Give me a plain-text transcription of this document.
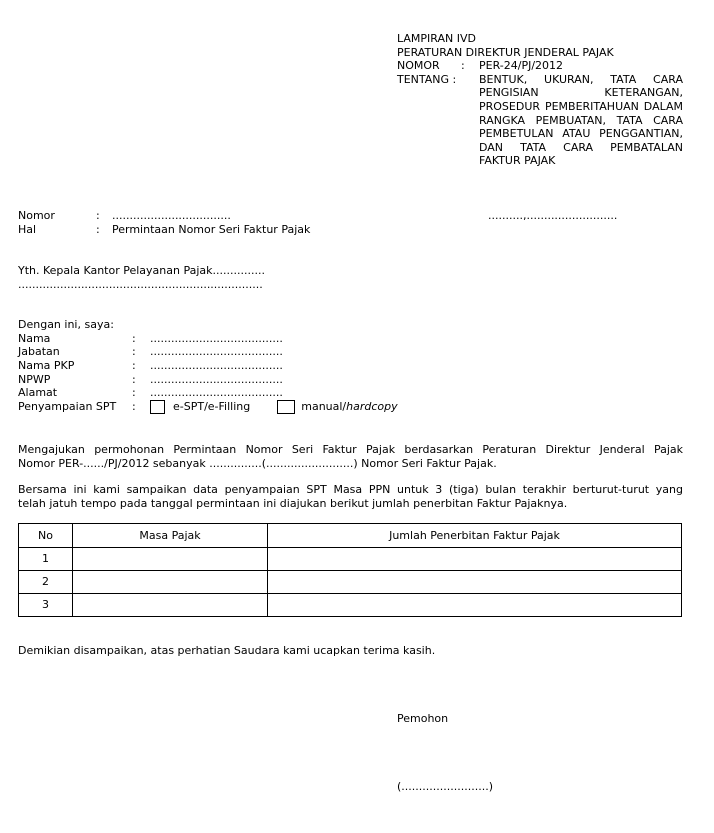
LAMPIRAN IVD
PERATURAN DIREKTUR JENDERAL PAJAK
NOMOR	:	PER-24/PJ/2012
TENTANG :	BENTUK, UKURAN, TATA CARA PENGISIAN KETERANGAN, PROSEDUR PEMBERITAHUAN DALAM RANGKA PEMBUATAN, TATA CARA PEMBETULAN ATAU PENGGANTIAN, DAN TATA CARA PEMBATALAN FAKTUR PAJAK
Nomor	: ..................................	..........,..........................
Hal	: Permintaan Nomor Seri Faktur Pajak
Yth. Kepala Kantor Pelayanan Pajak...............
......................................................................
Dengan ini, saya:
Nama	: ......................................
Jabatan	: ......................................
Nama PKP	: ......................................
NPWP	: ......................................
Alamat	: ......................................
Penyampaian SPT :	e-SPT/e-Filling	manual/hardcopy
Mengajukan permohonan Permintaan Nomor Seri Faktur Pajak berdasarkan Peraturan Direktur Jenderal Pajak
Nomor PER-....../PJ/2012 sebanyak ...............(.........................) Nomor Seri Faktur Pajak.
Bersama ini kami sampaikan data penyampaian SPT Masa PPN untuk 3 (tiga) bulan terakhir berturut-turut yang
telah jatuh tempo pada tanggal permintaan ini diajukan berikut jumlah penerbitan Faktur Pajaknya.
No	Masa Pajak	Jumlah Penerbitan Faktur Pajak
1		
2		
3		
Demikian disampaikan, atas perhatian Saudara kami ucapkan terima kasih.
Pemohon
(.........................)
